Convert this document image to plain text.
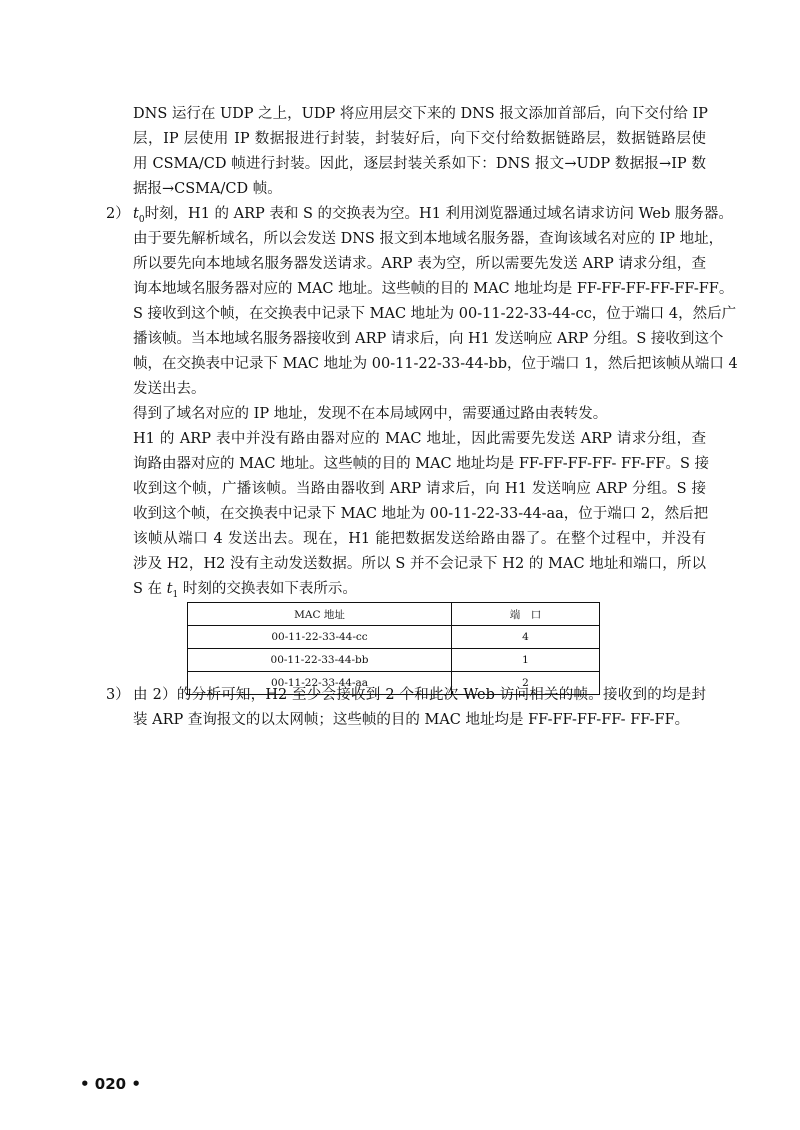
DNS 运行在 UDP 之上，UDP 将应用层交下来的 DNS 报文添加首部后，向下交付给 IP
层，IP 层使用 IP 数据报进行封装，封装好后，向下交付给数据链路层，数据链路层使
用 CSMA/CD 帧进行封装。因此，逐层封装关系如下：DNS 报文→UDP 数据报→IP 数
据报→CSMA/CD 帧。
2） $t_0$时刻，H1 的 ARP 表和 S 的交换表为空。H1 利用浏览器通过域名请求访问 Web 服务器。
由于要先解析域名，所以会发送 DNS 报文到本地域名服务器，查询该域名对应的 IP 地址，
所以要先向本地域名服务器发送请求。ARP 表为空，所以需要先发送 ARP 请求分组，查
询本地域名服务器对应的 MAC 地址。这些帧的目的 MAC 地址均是 FF-FF-FF-FF-FF-FF。
S 接收到这个帧，在交换表中记录下 MAC 地址为 00-11-22-33-44-cc，位于端口 4，然后广
播该帧。当本地域名服务器接收到 ARP 请求后，向 H1 发送响应 ARP 分组。S 接收到这个
帧，在交换表中记录下 MAC 地址为 00-11-22-33-44-bb，位于端口 1，然后把该帧从端口 4
发送出去。
得到了域名对应的 IP 地址，发现不在本局域网中，需要通过路由表转发。
H1 的 ARP 表中并没有路由器对应的 MAC 地址，因此需要先发送 ARP 请求分组，查
询路由器对应的 MAC 地址。这些帧的目的 MAC 地址均是 FF-FF-FF-FF- FF-FF。S 接
收到这个帧，广播该帧。当路由器收到 ARP 请求后，向 H1 发送响应 ARP 分组。S 接
收到这个帧，在交换表中记录下 MAC 地址为 00-11-22-33-44-aa，位于端口 2，然后把
该帧从端口 4 发送出去。现在，H1 能把数据发送给路由器了。在整个过程中，并没有
涉及 H2，H2 没有主动发送数据。所以 S 并不会记录下 H2 的 MAC 地址和端口，所以
S 在 $t_1$ 时刻的交换表如下表所示。
MAC 地址	端　口
00-11-22-33-44-cc	4
00-11-22-33-44-bb	1
00-11-22-33-44-aa	2
3） 由 2）的分析可知，H2 至少会接收到 2 个和此次 Web 访问相关的帧。接收到的均是封
装 ARP 查询报文的以太网帧；这些帧的目的 MAC 地址均是 FF-FF-FF-FF- FF-FF。
• 020 •
